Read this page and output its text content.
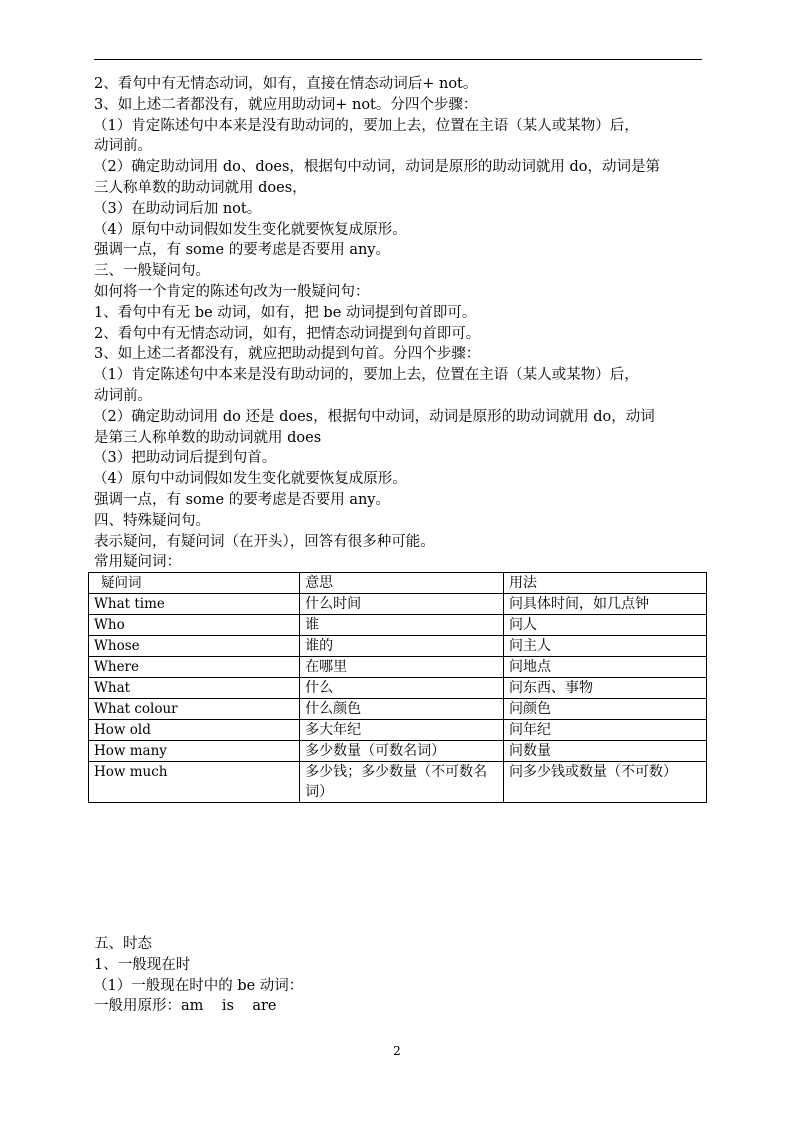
2、看句中有无情态动词，如有，直接在情态动词后+ not。
3、如上述二者都没有，就应用助动词+ not。分四个步骤：
（1）肯定陈述句中本来是没有助动词的，要加上去，位置在主语（某人或某物）后，
动词前。
（2）确定助动词用 do、does，根据句中动词，动词是原形的助动词就用 do，动词是第
三人称单数的助动词就用 does，
（3）在助动词后加 not。
（4）原句中动词假如发生变化就要恢复成原形。
强调一点，有 some 的要考虑是否要用 any。
三、一般疑问句。
如何将一个肯定的陈述句改为一般疑问句：
1、看句中有无 be 动词，如有，把 be 动词提到句首即可。
2、看句中有无情态动词，如有，把情态动词提到句首即可。
3、如上述二者都没有，就应把助动提到句首。分四个步骤：
（1）肯定陈述句中本来是没有助动词的，要加上去，位置在主语（某人或某物）后，
动词前。
（2）确定助动词用 do 还是 does，根据句中动词，动词是原形的助动词就用 do，动词
是第三人称单数的助动词就用 does
（3）把助动词后提到句首。
（4）原句中动词假如发生变化就要恢复成原形。
强调一点，有 some 的要考虑是否要用 any。
四、特殊疑问句。
表示疑问，有疑问词（在开头），回答有很多种可能。
常用疑问词：
疑问词	意思	用法
What time	什么时间	问具体时间，如几点钟
Who	谁	问人
Whose	谁的	问主人
Where	在哪里	问地点
What	什么	问东西、事物
What colour	什么颜色	问颜色
How old	多大年纪	问年纪
How many	多少数量（可数名词）	问数量
How much	多少钱；多少数量（不可数名词）	问多少钱或数量（不可数）
五、时态
1、一般现在时
（1）一般现在时中的 be 动词：
一般用原形：am    is    are
2
